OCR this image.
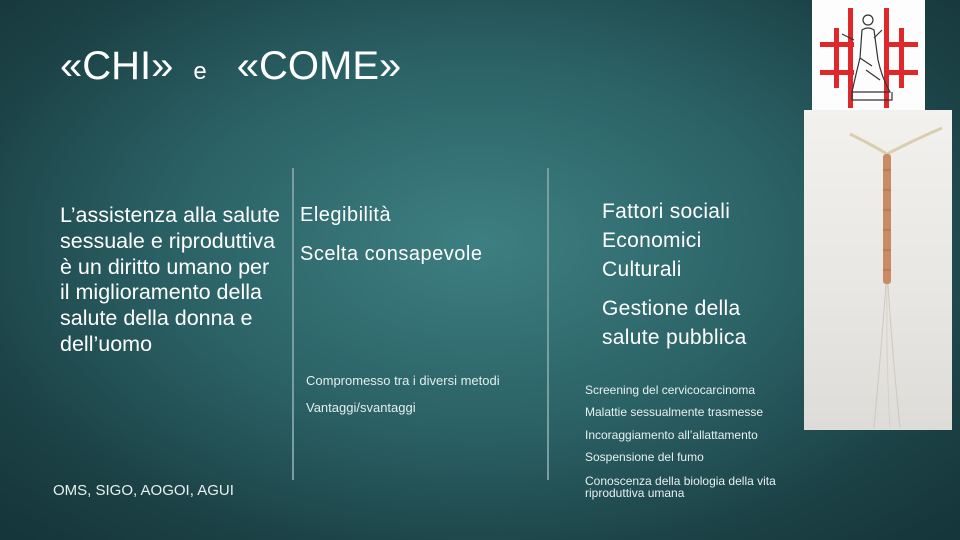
«CHI» e «COME»
L’assistenza alla salute sessuale e riproduttiva è un diritto umano per il miglioramento della salute della donna e dell’uomo
OMS, SIGO, AOGOI, AGUI
Elegibilità
Scelta consapevole
Compromesso tra i diversi metodi
Vantaggi/svantaggi
Fattori sociali
Economici
Culturali
Gestione della
salute pubblica
Screening del cervicocarcinoma
Malattie sessualmente trasmesse
Incoraggiamento all’allattamento
Sospensione del fumo
Conoscenza della biologia della vita riproduttiva umana
